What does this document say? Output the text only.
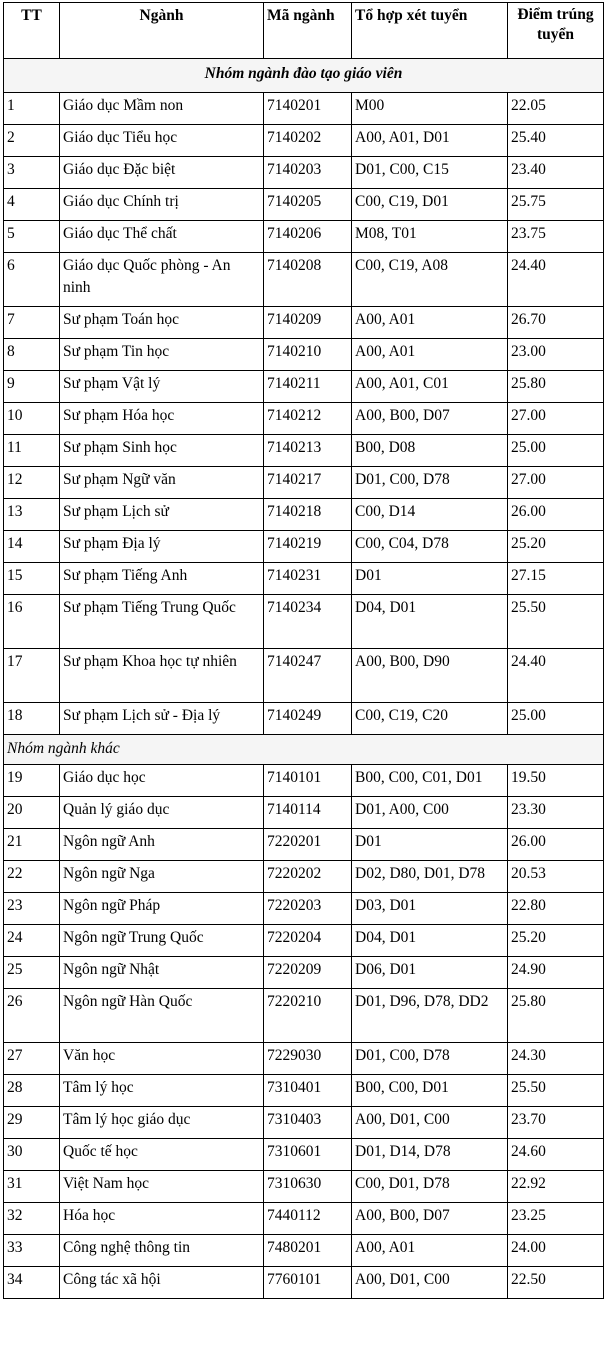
TT	Ngành	Mã ngành	Tổ hợp xét tuyển	Điểm trúng tuyển
Nhóm ngành đào tạo giáo viên				
1	Giáo dục Mầm non	7140201	M00	22.05
2	Giáo dục Tiểu học	7140202	A00, A01, D01	25.40
3	Giáo dục Đặc biệt	7140203	D01, C00, C15	23.40
4	Giáo dục Chính trị	7140205	C00, C19, D01	25.75
5	Giáo dục Thể chất	7140206	M08, T01	23.75
6	Giáo dục Quốc phòng - An ninh	7140208	C00, C19, A08	24.40
7	Sư phạm Toán học	7140209	A00, A01	26.70
8	Sư phạm Tin học	7140210	A00, A01	23.00
9	Sư phạm Vật lý	7140211	A00, A01, C01	25.80
10	Sư phạm Hóa học	7140212	A00, B00, D07	27.00
11	Sư phạm Sinh học	7140213	B00, D08	25.00
12	Sư phạm Ngữ văn	7140217	D01, C00, D78	27.00
13	Sư phạm Lịch sử	7140218	C00, D14	26.00
14	Sư phạm Địa lý	7140219	C00, C04, D78	25.20
15	Sư phạm Tiếng Anh	7140231	D01	27.15
16	Sư phạm Tiếng Trung Quốc	7140234	D04, D01	25.50
17	Sư phạm Khoa học tự nhiên	7140247	A00, B00, D90	24.40
18	Sư phạm Lịch sử - Địa lý	7140249	C00, C19, C20	25.00
Nhóm ngành khác				
19	Giáo dục học	7140101	B00, C00, C01, D01	19.50
20	Quản lý giáo dục	7140114	D01, A00, C00	23.30
21	Ngôn ngữ Anh	7220201	D01	26.00
22	Ngôn ngữ Nga	7220202	D02, D80, D01, D78	20.53
23	Ngôn ngữ Pháp	7220203	D03, D01	22.80
24	Ngôn ngữ Trung Quốc	7220204	D04, D01	25.20
25	Ngôn ngữ Nhật	7220209	D06, D01	24.90
26	Ngôn ngữ Hàn Quốc	7220210	D01, D96, D78, DD2	25.80
27	Văn học	7229030	D01, C00, D78	24.30
28	Tâm lý học	7310401	B00, C00, D01	25.50
29	Tâm lý học giáo dục	7310403	A00, D01, C00	23.70
30	Quốc tế học	7310601	D01, D14, D78	24.60
31	Việt Nam học	7310630	C00, D01, D78	22.92
32	Hóa học	7440112	A00, B00, D07	23.25
33	Công nghệ thông tin	7480201	A00, A01	24.00
34	Công tác xã hội	7760101	A00, D01, C00	22.50
